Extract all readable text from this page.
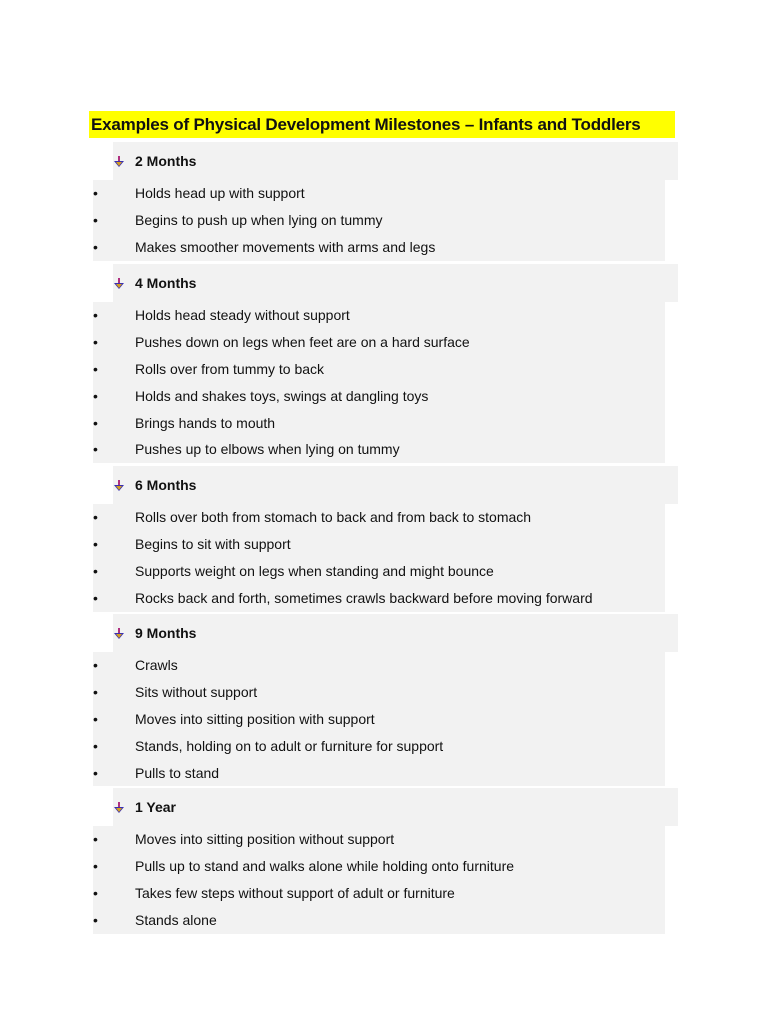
Examples of Physical Development Milestones – Infants and Toddlers
2 Months
•	Holds head up with support
•	Begins to push up when lying on tummy
•	Makes smoother movements with arms and legs
4 Months
•	Holds head steady without support
•	Pushes down on legs when feet are on a hard surface
•	Rolls over from tummy to back
•	Holds and shakes toys, swings at dangling toys
•	Brings hands to mouth
•	Pushes up to elbows when lying on tummy
6 Months
•	Rolls over both from stomach to back and from back to stomach
•	Begins to sit with support
•	Supports weight on legs when standing and might bounce
•	Rocks back and forth, sometimes crawls backward before moving forward
9 Months
•	Crawls
•	Sits without support
•	Moves into sitting position with support
•	Stands, holding on to adult or furniture for support
•	Pulls to stand
1 Year
•	Moves into sitting position without support
•	Pulls up to stand and walks alone while holding onto furniture
•	Takes few steps without support of adult or furniture
•	Stands alone
